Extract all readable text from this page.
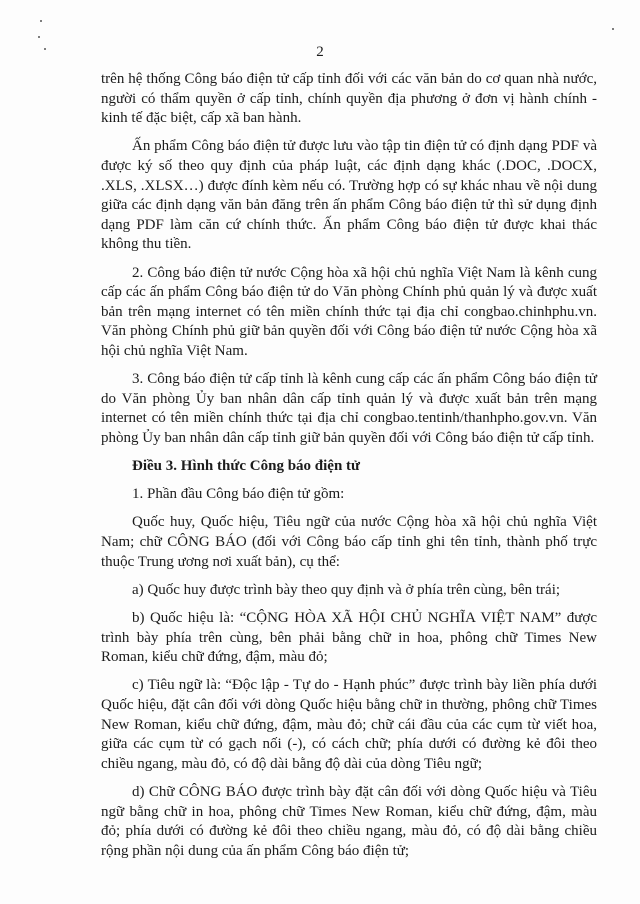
2

trên hệ thống Công báo điện tử cấp tỉnh đối với các văn bản do cơ quan nhà nước, người có thẩm quyền ở cấp tỉnh, chính quyền địa phương ở đơn vị hành chính - kinh tế đặc biệt, cấp xã ban hành.

Ấn phẩm Công báo điện tử được lưu vào tập tin điện tử có định dạng PDF và được ký số theo quy định của pháp luật, các định dạng khác (.DOC, .DOCX, .XLS, .XLSX…) được đính kèm nếu có. Trường hợp có sự khác nhau về nội dung giữa các định dạng văn bản đăng trên ấn phẩm Công báo điện tử thì sử dụng định dạng PDF làm căn cứ chính thức. Ấn phẩm Công báo điện tử được khai thác không thu tiền.

2. Công báo điện tử nước Cộng hòa xã hội chủ nghĩa Việt Nam là kênh cung cấp các ấn phẩm Công báo điện tử do Văn phòng Chính phủ quản lý và được xuất bản trên mạng internet có tên miền chính thức tại địa chỉ congbao.chinhphu.vn. Văn phòng Chính phủ giữ bản quyền đối với Công báo điện tử nước Cộng hòa xã hội chủ nghĩa Việt Nam.

3. Công báo điện tử cấp tỉnh là kênh cung cấp các ấn phẩm Công báo điện tử do Văn phòng Ủy ban nhân dân cấp tỉnh quản lý và được xuất bản trên mạng internet có tên miền chính thức tại địa chỉ congbao.tentinh/thanhpho.gov.vn. Văn phòng Ủy ban nhân dân cấp tỉnh giữ bản quyền đối với Công báo điện tử cấp tỉnh.

Điều 3. Hình thức Công báo điện tử

1. Phần đầu Công báo điện tử gồm:

Quốc huy, Quốc hiệu, Tiêu ngữ của nước Cộng hòa xã hội chủ nghĩa Việt Nam; chữ CÔNG BÁO (đối với Công báo cấp tỉnh ghi tên tỉnh, thành phố trực thuộc Trung ương nơi xuất bản), cụ thể:

a) Quốc huy được trình bày theo quy định và ở phía trên cùng, bên trái;

b) Quốc hiệu là: “CỘNG HÒA XÃ HỘI CHỦ NGHĨA VIỆT NAM” được trình bày phía trên cùng, bên phải bằng chữ in hoa, phông chữ Times New Roman, kiểu chữ đứng, đậm, màu đỏ;

c) Tiêu ngữ là: “Độc lập - Tự do - Hạnh phúc” được trình bày liền phía dưới Quốc hiệu, đặt cân đối với dòng Quốc hiệu bằng chữ in thường, phông chữ Times New Roman, kiểu chữ đứng, đậm, màu đỏ; chữ cái đầu của các cụm từ viết hoa, giữa các cụm từ có gạch nối (-), có cách chữ; phía dưới có đường kẻ đôi theo chiều ngang, màu đỏ, có độ dài bằng độ dài của dòng Tiêu ngữ;

d) Chữ CÔNG BÁO được trình bày đặt cân đối với dòng Quốc hiệu và Tiêu ngữ bằng chữ in hoa, phông chữ Times New Roman, kiểu chữ đứng, đậm, màu đỏ; phía dưới có đường kẻ đôi theo chiều ngang, màu đỏ, có độ dài bằng chiều rộng phần nội dung của ấn phẩm Công báo điện tử;
